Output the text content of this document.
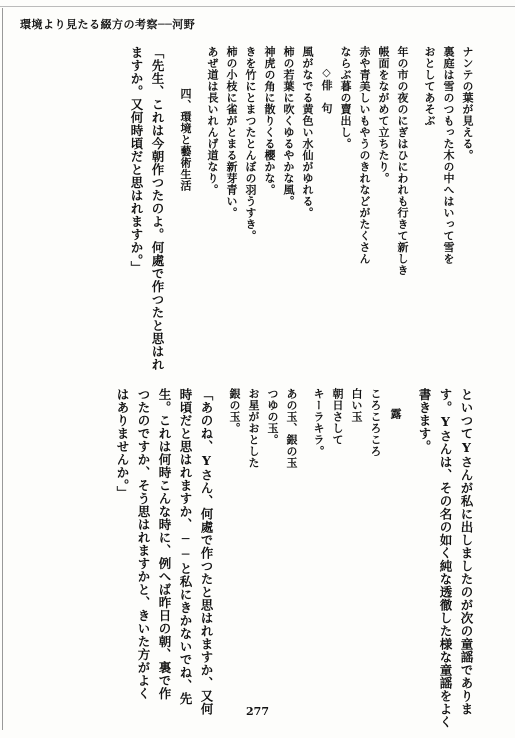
環境より見たる綴方の考察──河野
ナンテの葉が見える。
裏庭は雪のつもった木の中へはいって雪を
おとしてあそぶ
年の市の夜のにぎはひにわれも行きて新しき
帳面をながめて立ちたり。
赤や青美しいもやうのきれなどがたくさん
ならぶ暮の賣出し。
◇俳　句
風がなでる黄色い水仙がゆれる。
柿の若葉に吹くゆるやかな風。
神虎の角に散りくる櫻かな。
きを竹にとまつたとんぼの羽うすき。
柿の小枝に雀がとまる新芽青い。
あぜ道は長いれんげ道なり。
四、環境と藝術生活
「先生、これは今朝作つたのよ。何處で作つたと思はれ
ますか。又何時頃だと思はれますか。」
といつてYさんが私に出しましたのが次の童謡でありま
す。Yさんは、その名の如く純な透徹した様な童謡をよく
書きます。
露
ころころころ
白い玉
朝日さして
キーラキラ。
あの玉、銀の玉
つゆの玉。
お星がおとした
銀の玉。
「あのね、Yさん、何處で作つたと思はれますか、又何
時頃だと思はれますか、──と私にきかないでね、先
生。これは何時こんな時に、例へば昨日の朝、裏で作
つたのですか、そう思はれますかと、きいた方がよく
はありませんか。」
277
